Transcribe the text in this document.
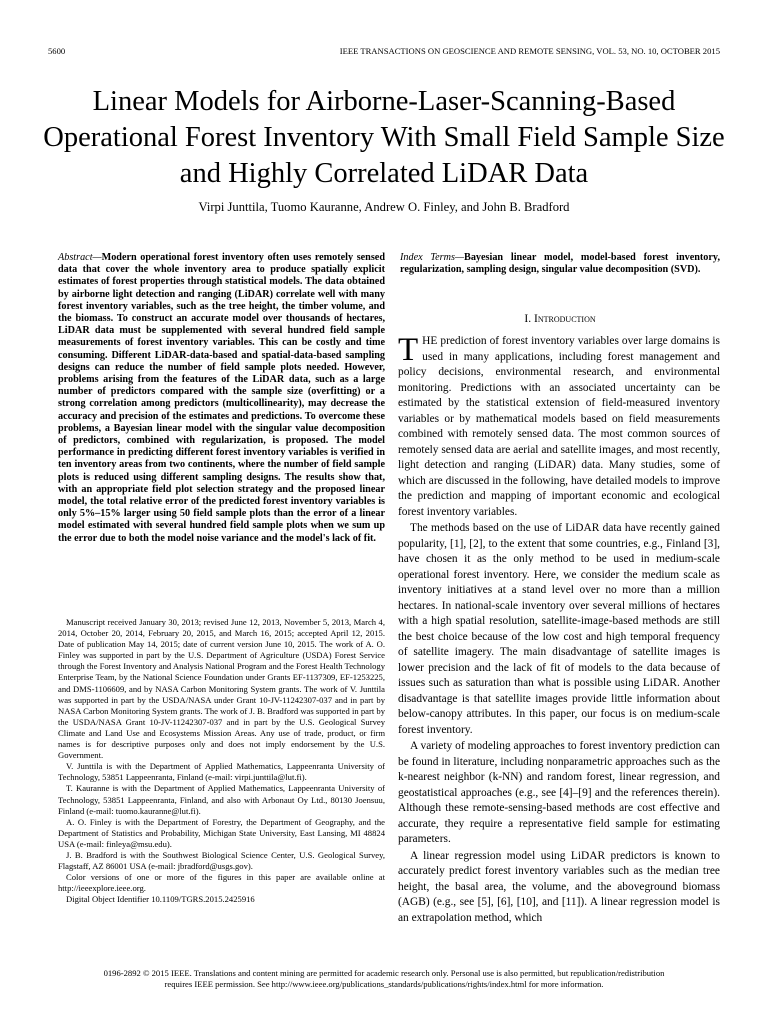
5600	IEEE TRANSACTIONS ON GEOSCIENCE AND REMOTE SENSING, VOL. 53, NO. 10, OCTOBER 2015
Linear Models for Airborne-Laser-Scanning-Based Operational Forest Inventory With Small Field Sample Size and Highly Correlated LiDAR Data
Virpi Junttila, Tuomo Kauranne, Andrew O. Finley, and John B. Bradford
Abstract—Modern operational forest inventory often uses remotely sensed data that cover the whole inventory area to produce spatially explicit estimates of forest properties through statistical models. The data obtained by airborne light detection and ranging (LiDAR) correlate well with many forest inventory variables, such as the tree height, the timber volume, and the biomass. To construct an accurate model over thousands of hectares, LiDAR data must be supplemented with several hundred field sample measurements of forest inventory variables. This can be costly and time consuming. Different LiDAR-data-based and spatial-data-based sampling designs can reduce the number of field sample plots needed. However, problems arising from the features of the LiDAR data, such as a large number of predictors compared with the sample size (overfitting) or a strong correlation among predictors (multicollinearity), may decrease the accuracy and precision of the estimates and predictions. To overcome these problems, a Bayesian linear model with the singular value decomposition of predictors, combined with regularization, is proposed. The model performance in predicting different forest inventory variables is verified in ten inventory areas from two continents, where the number of field sample plots is reduced using different sampling designs. The results show that, with an appropriate field plot selection strategy and the proposed linear model, the total relative error of the predicted forest inventory variables is only 5%–15% larger using 50 field sample plots than the error of a linear model estimated with several hundred field sample plots when we sum up the error due to both the model noise variance and the model's lack of fit.

Manuscript received January 30, 2013; revised June 12, 2013, November 5, 2013, March 4, 2014, October 20, 2014, February 20, 2015, and March 16, 2015; accepted April 12, 2015. Date of publication May 14, 2015; date of current version June 10, 2015. The work of A. O. Finley was supported in part by the U.S. Department of Agriculture (USDA) Forest Service through the Forest Inventory and Analysis National Program and the Forest Health Technology Enterprise Team, by the National Science Foundation under Grants EF-1137309, EF-1253225, and DMS-1106609, and by NASA Carbon Monitoring System grants. The work of V. Junttila was supported in part by the USDA/NASA under Grant 10-JV-11242307-037 and in part by NASA Carbon Monitoring System grants. The work of J. B. Bradford was supported in part by the USDA/NASA Grant 10-JV-11242307-037 and in part by the U.S. Geological Survey Climate and Land Use and Ecosystems Mission Areas. Any use of trade, product, or firm names is for descriptive purposes only and does not imply endorsement by the U.S. Government.

V. Junttila is with the Department of Applied Mathematics, Lappeenranta University of Technology, 53851 Lappeenranta, Finland (e-mail: virpi.junttila@lut.fi).

T. Kauranne is with the Department of Applied Mathematics, Lappeenranta University of Technology, 53851 Lappeenranta, Finland, and also with Arbonaut Oy Ltd., 80130 Joensuu, Finland (e-mail: tuomo.kauranne@lut.fi).

A. O. Finley is with the Department of Forestry, the Department of Geography, and the Department of Statistics and Probability, Michigan State University, East Lansing, MI 48824 USA (e-mail: finleya@msu.edu).

J. B. Bradford is with the Southwest Biological Science Center, U.S. Geological Survey, Flagstaff, AZ 86001 USA (e-mail: jbradford@usgs.gov).

Color versions of one or more of the figures in this paper are available online at http://ieeexplore.ieee.org.

Digital Object Identifier 10.1109/TGRS.2015.2425916

Index Terms—Bayesian linear model, model-based forest inventory, regularization, sampling design, singular value decomposition (SVD).
I. Introduction

THE prediction of forest inventory variables over large domains is used in many applications, including forest management and policy decisions, environmental research, and environmental monitoring. Predictions with an associated uncertainty can be estimated by the statistical extension of field-measured inventory variables or by mathematical models based on field measurements combined with remotely sensed data. The most common sources of remotely sensed data are aerial and satellite images, and most recently, light detection and ranging (LiDAR) data. Many studies, some of which are discussed in the following, have detailed models to improve the prediction and mapping of important economic and ecological forest inventory variables.

The methods based on the use of LiDAR data have recently gained popularity, [1], [2], to the extent that some countries, e.g., Finland [3], have chosen it as the only method to be used in medium-scale operational forest inventory. Here, we consider the medium scale as inventory initiatives at a stand level over no more than a million hectares. In national-scale inventory over several millions of hectares with a high spatial resolution, satellite-image-based methods are still the best choice because of the low cost and high temporal frequency of satellite imagery. The main disadvantage of satellite images is lower precision and the lack of fit of models to the data because of issues such as saturation than what is possible using LiDAR. Another disadvantage is that satellite images provide little information about below-canopy attributes. In this paper, our focus is on medium-scale forest inventory.

A variety of modeling approaches to forest inventory prediction can be found in literature, including nonparametric approaches such as the k-nearest neighbor (k-NN) and random forest, linear regression, and geostatistical approaches (e.g., see [4]–[9] and the references therein). Although these remote-sensing-based methods are cost effective and accurate, they require a representative field sample for estimating parameters.

A linear regression model using LiDAR predictors is known to accurately predict forest inventory variables such as the median tree height, the basal area, the volume, and the aboveground biomass (AGB) (e.g., see [5], [6], [10], and [11]). A linear regression model is an extrapolation method, which

0196-2892 © 2015 IEEE. Translations and content mining are permitted for academic research only. Personal use is also permitted, but republication/redistribution
requires IEEE permission. See http://www.ieee.org/publications_standards/publications/rights/index.html for more information.
